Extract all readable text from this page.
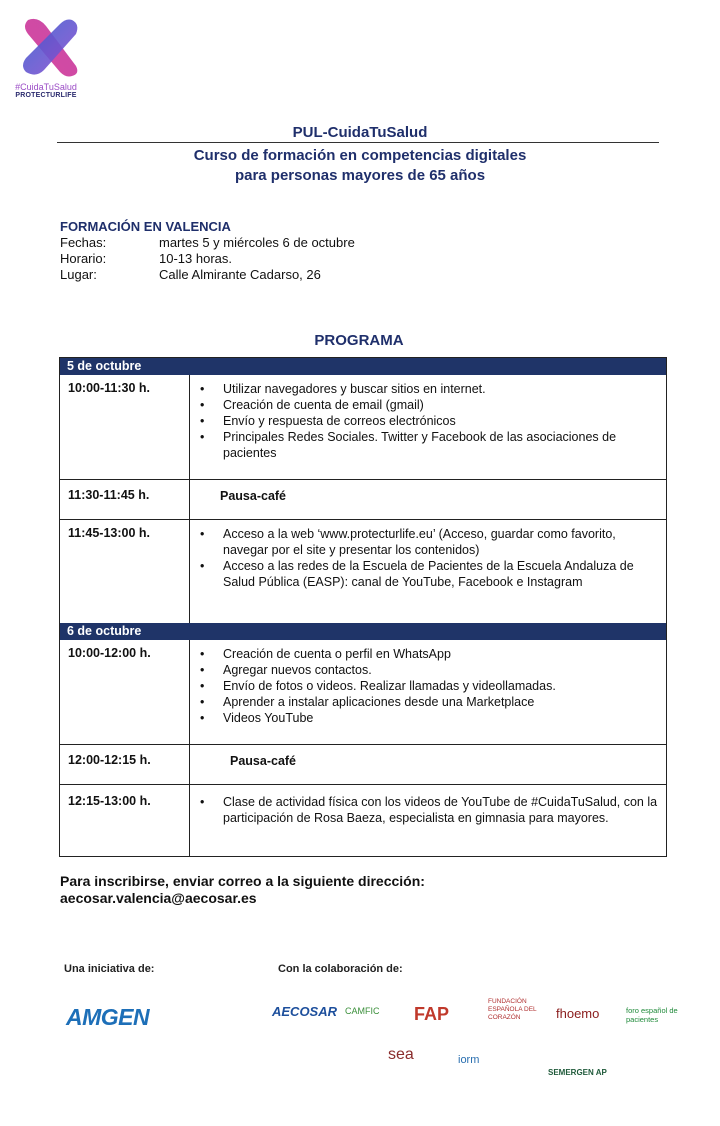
#CuidaTuSalud
PROTECTURLIFE
PUL-CuidaTuSalud
Curso de formación en competencias digitales
para personas mayores de 65 años
FORMACIÓN EN VALENCIA
Fechas:	martes 5 y miércoles 6 de octubre
Horario:	10-13 horas.
Lugar:	Calle Almirante Cadarso, 26
PROGRAMA
5 de octubre
10:00-11:30 h.	• Utilizar navegadores y buscar sitios en internet.
• Creación de cuenta de email (gmail)
• Envío y respuesta de correos electrónicos
• Principales Redes Sociales. Twitter y Facebook de las asociaciones de pacientes
11:30-11:45 h.	Pausa-café
11:45-13:00 h.	• Acceso a la web ‘www.protecturlife.eu’ (Acceso, guardar como favorito, navegar por el site y presentar los contenidos)
• Acceso a las redes de la Escuela de Pacientes de la Escuela Andaluza de Salud Pública (EASP): canal de YouTube, Facebook e Instagram
6 de octubre
10:00-12:00 h.	• Creación de cuenta o perfil en WhatsApp
• Agregar nuevos contactos.
• Envío de fotos o videos. Realizar llamadas y videollamadas.
• Aprender a instalar aplicaciones desde una Marketplace
• Videos YouTube
12:00-12:15 h.	Pausa-café
12:15-13:00 h.	• Clase de actividad física con los videos de YouTube de #CuidaTuSalud, con la participación de Rosa Baeza, especialista en gimnasia para mayores.
Para inscribirse, enviar correo a la siguiente dirección:
aecosar.valencia@aecosar.es
Una iniciativa de:
AMGEN
Con la colaboración de:
AECOSAR CAMFIC FAP
FUNDACIÓN ESPAÑOLA DEL CORAZÓN	fhoemo	foro español de pacientes
sea	iorm
SEMERGEN AP
